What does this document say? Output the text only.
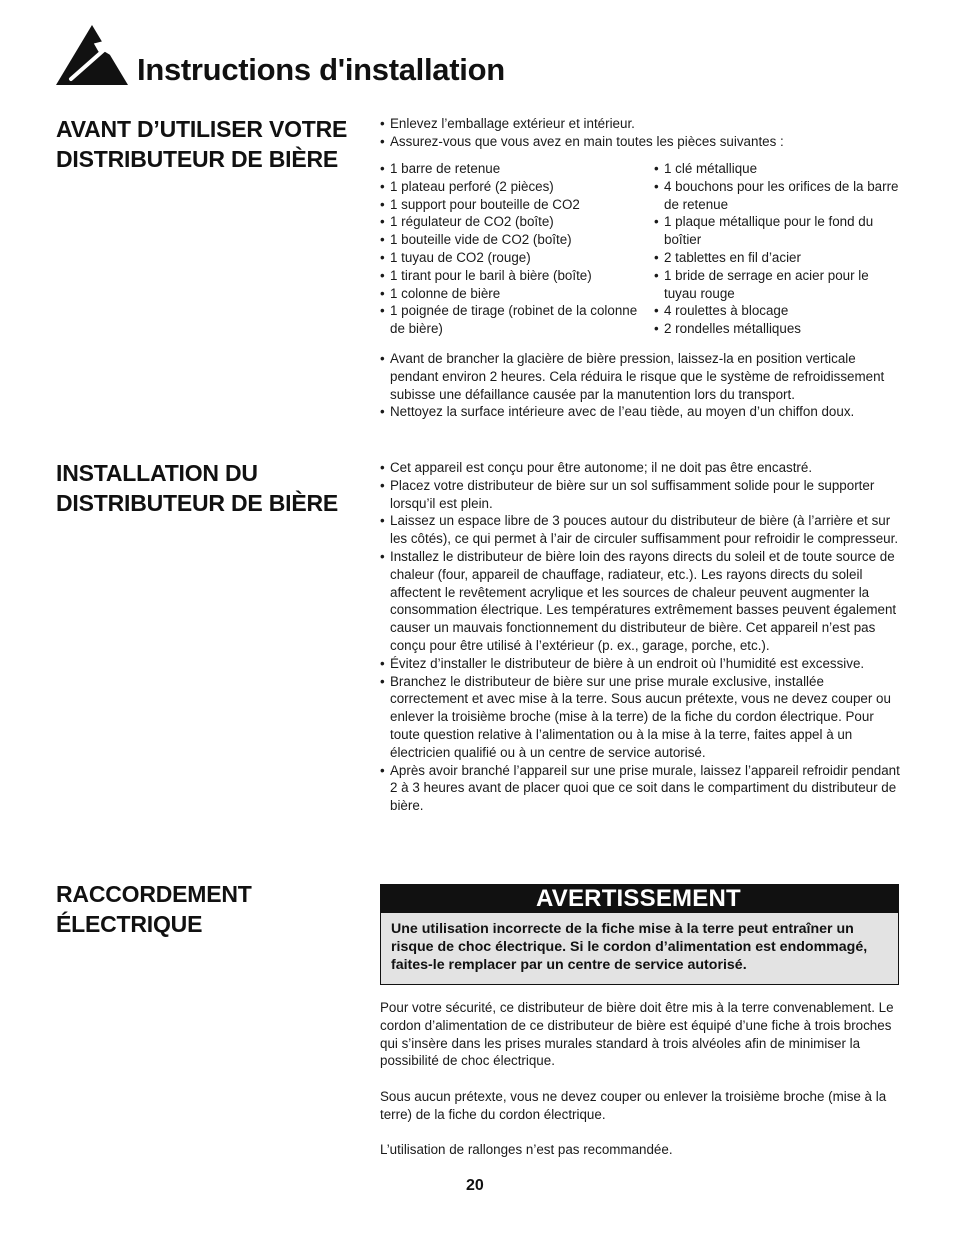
Instructions d'installation
AVANT D’UTILISER VOTRE DISTRIBUTEUR DE BIÈRE
• Enlevez l’emballage extérieur et intérieur.
• Assurez-vous que vous avez en main toutes les pièces suivantes :
• 1 barre de retenue
• 1 plateau perforé (2 pièces)
• 1 support pour bouteille de CO2
• 1 régulateur de CO2 (boîte)
• 1 bouteille vide de CO2 (boîte)
• 1 tuyau de CO2 (rouge)
• 1 tirant pour le baril à bière (boîte)
• 1 colonne de bière
• 1 poignée de tirage (robinet de la colonne de bière)
• 1 clé métallique
• 4 bouchons pour les orifices de la barre de retenue
• 1 plaque métallique pour le fond du boîtier
• 2 tablettes en fil d’acier
• 1 bride de serrage en acier pour le tuyau rouge
• 4 roulettes à blocage
• 2 rondelles métalliques
• Avant de brancher la glacière de bière pression, laissez-la en position verticale pendant environ 2 heures. Cela réduira le risque que le système de refroidissement subisse une défaillance causée par la manutention lors du transport.
• Nettoyez la surface intérieure avec de l’eau tiède, au moyen d’un chiffon doux.
INSTALLATION DU DISTRIBUTEUR DE BIÈRE
• Cet appareil est conçu pour être autonome; il ne doit pas être encastré.
• Placez votre distributeur de bière sur un sol suffisamment solide pour le supporter lorsqu’il est plein.
• Laissez un espace libre de 3 pouces autour du distributeur de bière (à l’arrière et sur les côtés), ce qui permet à l’air de circuler suffisamment pour refroidir le compresseur.
• Installez le distributeur de bière loin des rayons directs du soleil et de toute source de chaleur (four, appareil de chauffage, radiateur, etc.). Les rayons directs du soleil affectent le revêtement acrylique et les sources de chaleur peuvent augmenter la consommation électrique. Les températures extrêmement basses peuvent également causer un mauvais fonctionnement du distributeur de bière. Cet appareil n’est pas conçu pour être utilisé à l’extérieur (p. ex., garage, porche, etc.).
• Évitez d’installer le distributeur de bière à un endroit où l’humidité est excessive.
• Branchez le distributeur de bière sur une prise murale exclusive, installée correctement et avec mise à la terre. Sous aucun prétexte, vous ne devez couper ou enlever la troisième broche (mise à la terre) de la fiche du cordon électrique. Pour toute question relative à l’alimentation ou à la mise à la terre, faites appel à un électricien qualifié ou à un centre de service autorisé.
• Après avoir branché l’appareil sur une prise murale, laissez l’appareil refroidir pendant 2 à 3 heures avant de placer quoi que ce soit dans le compartiment du distributeur de bière.
RACCORDEMENT ÉLECTRIQUE
AVERTISSEMENT
Une utilisation incorrecte de la fiche mise à la terre peut entraîner un risque de choc électrique. Si le cordon d’alimentation est endommagé, faites-le remplacer par un centre de service autorisé.
Pour votre sécurité, ce distributeur de bière doit être mis à la terre convenablement. Le cordon d’alimentation de ce distributeur de bière est équipé d’une fiche à trois broches qui s’insère dans les prises murales standard à trois alvéoles afin de minimiser la possibilité de choc électrique.
Sous aucun prétexte, vous ne devez couper ou enlever la troisième broche (mise à la terre) de la fiche du cordon électrique.
L’utilisation de rallonges n’est pas recommandée.
20
